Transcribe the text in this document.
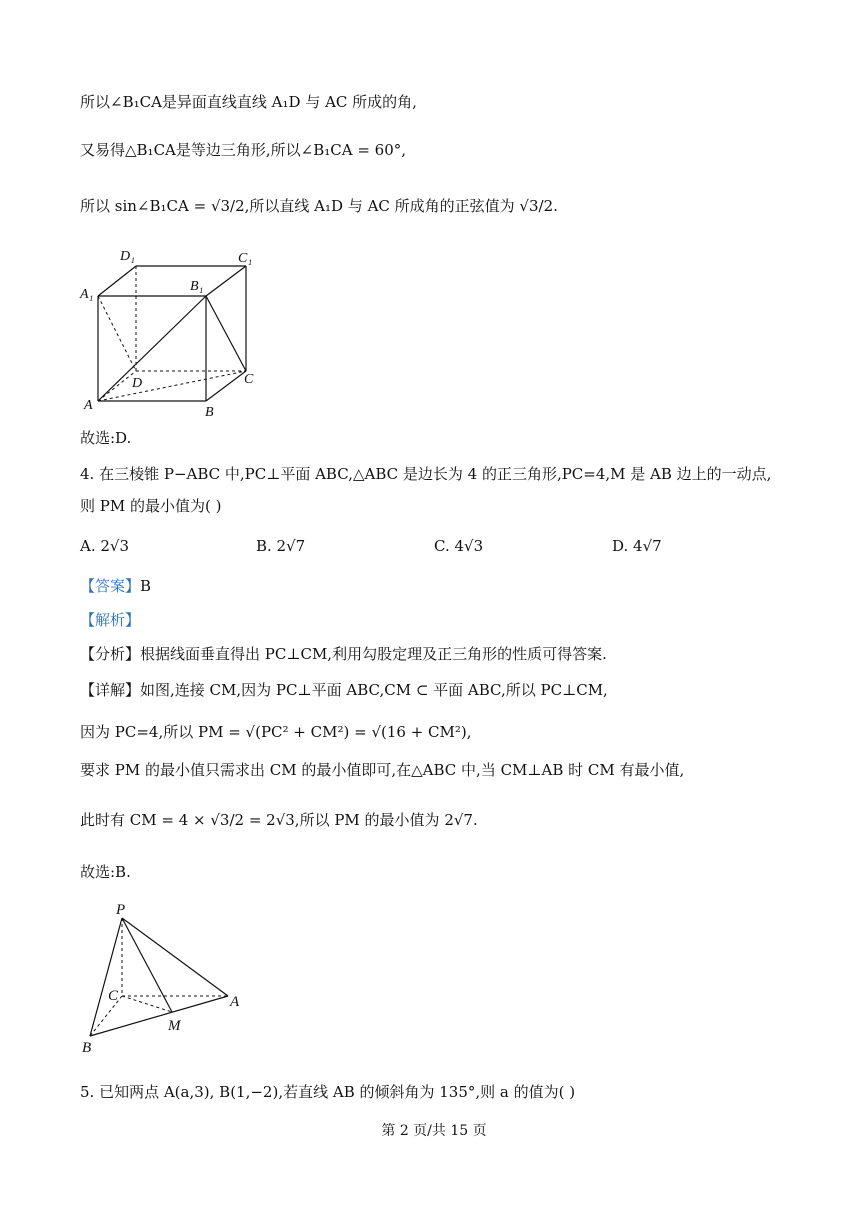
所以∠B₁CA是异面直线直线 A₁D 与 AC 所成的角,
又易得△B₁CA是等边三角形,所以∠B₁CA = 60°,
所以 sin∠B₁CA = √3/2,所以直线 A₁D 与 AC 所成角的正弦值为 √3/2.
D₁	C₁
A₁
B₁
D	C
A	B
故选:D.
4. 在三棱锥 P−ABC 中,PC⊥平面 ABC,△ABC 是边长为 4 的正三角形,PC=4,M 是 AB 边上的一动点,
则 PM 的最小值为( )
A. 2√3	B. 2√7	C. 4√3	D. 4√7
【答案】B
【解析】
【分析】根据线面垂直得出 PC⊥CM,利用勾股定理及正三角形的性质可得答案.
【详解】如图,连接 CM,因为 PC⊥平面 ABC,CM ⊂ 平面 ABC,所以 PC⊥CM,
因为 PC=4,所以 PM = √(PC² + CM²) = √(16 + CM²),
要求 PM 的最小值只需求出 CM 的最小值即可,在△ABC 中,当 CM⊥AB 时 CM 有最小值,
此时有 CM = 4 × √3/2 = 2√3,所以 PM 的最小值为 2√7.
故选:B.
P
C	A
M
B
5. 已知两点 A(a,3), B(1,−2),若直线 AB 的倾斜角为 135°,则 a 的值为( )
第 2 页/共 15 页
